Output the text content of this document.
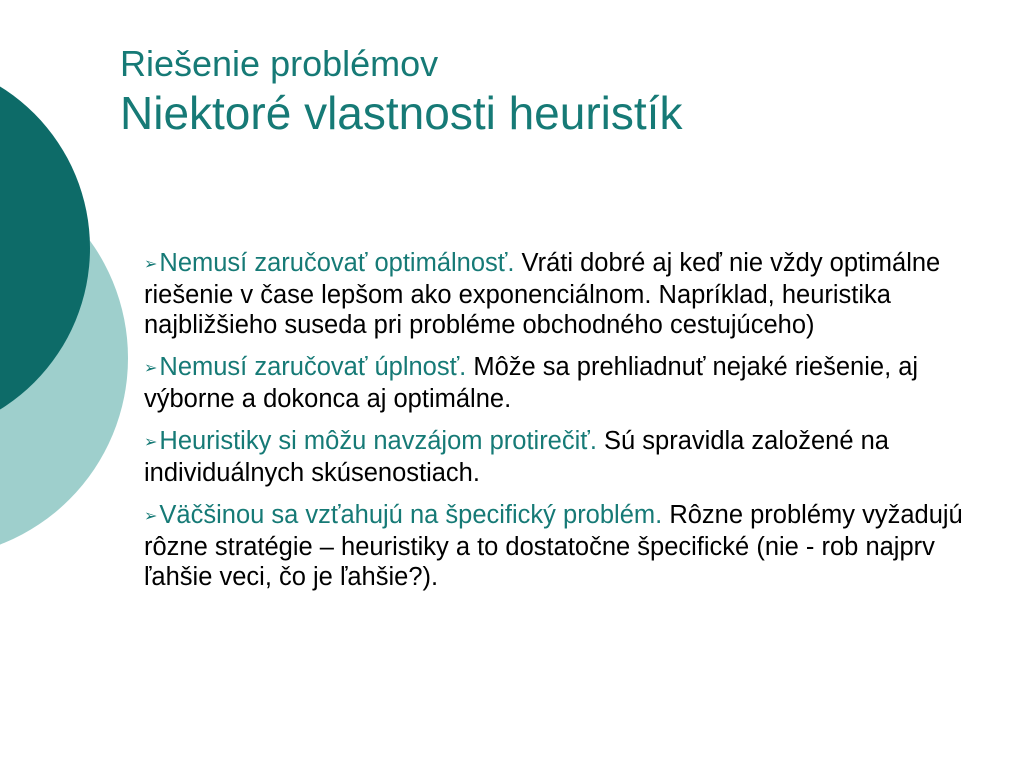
Riešenie problémov
Niektoré vlastnosti heuristík
➢Nemusí zaručovať optimálnosť. Vráti dobré aj keď nie vždy optimálne riešenie v čase lepšom ako exponenciálnom. Napríklad, heuristika najbližšieho suseda pri probléme obchodného cestujúceho)
➢Nemusí zaručovať úplnosť. Môže sa prehliadnuť nejaké riešenie, aj výborne a dokonca aj optimálne.
➢Heuristiky si môžu navzájom protirečiť. Sú spravidla založené na individuálnych skúsenostiach.
➢Väčšinou sa vzťahujú na špecifický problém. Rôzne problémy vyžadujú rôzne stratégie – heuristiky a to dostatočne špecifické (nie - rob najprv ľahšie veci, čo je ľahšie?).
